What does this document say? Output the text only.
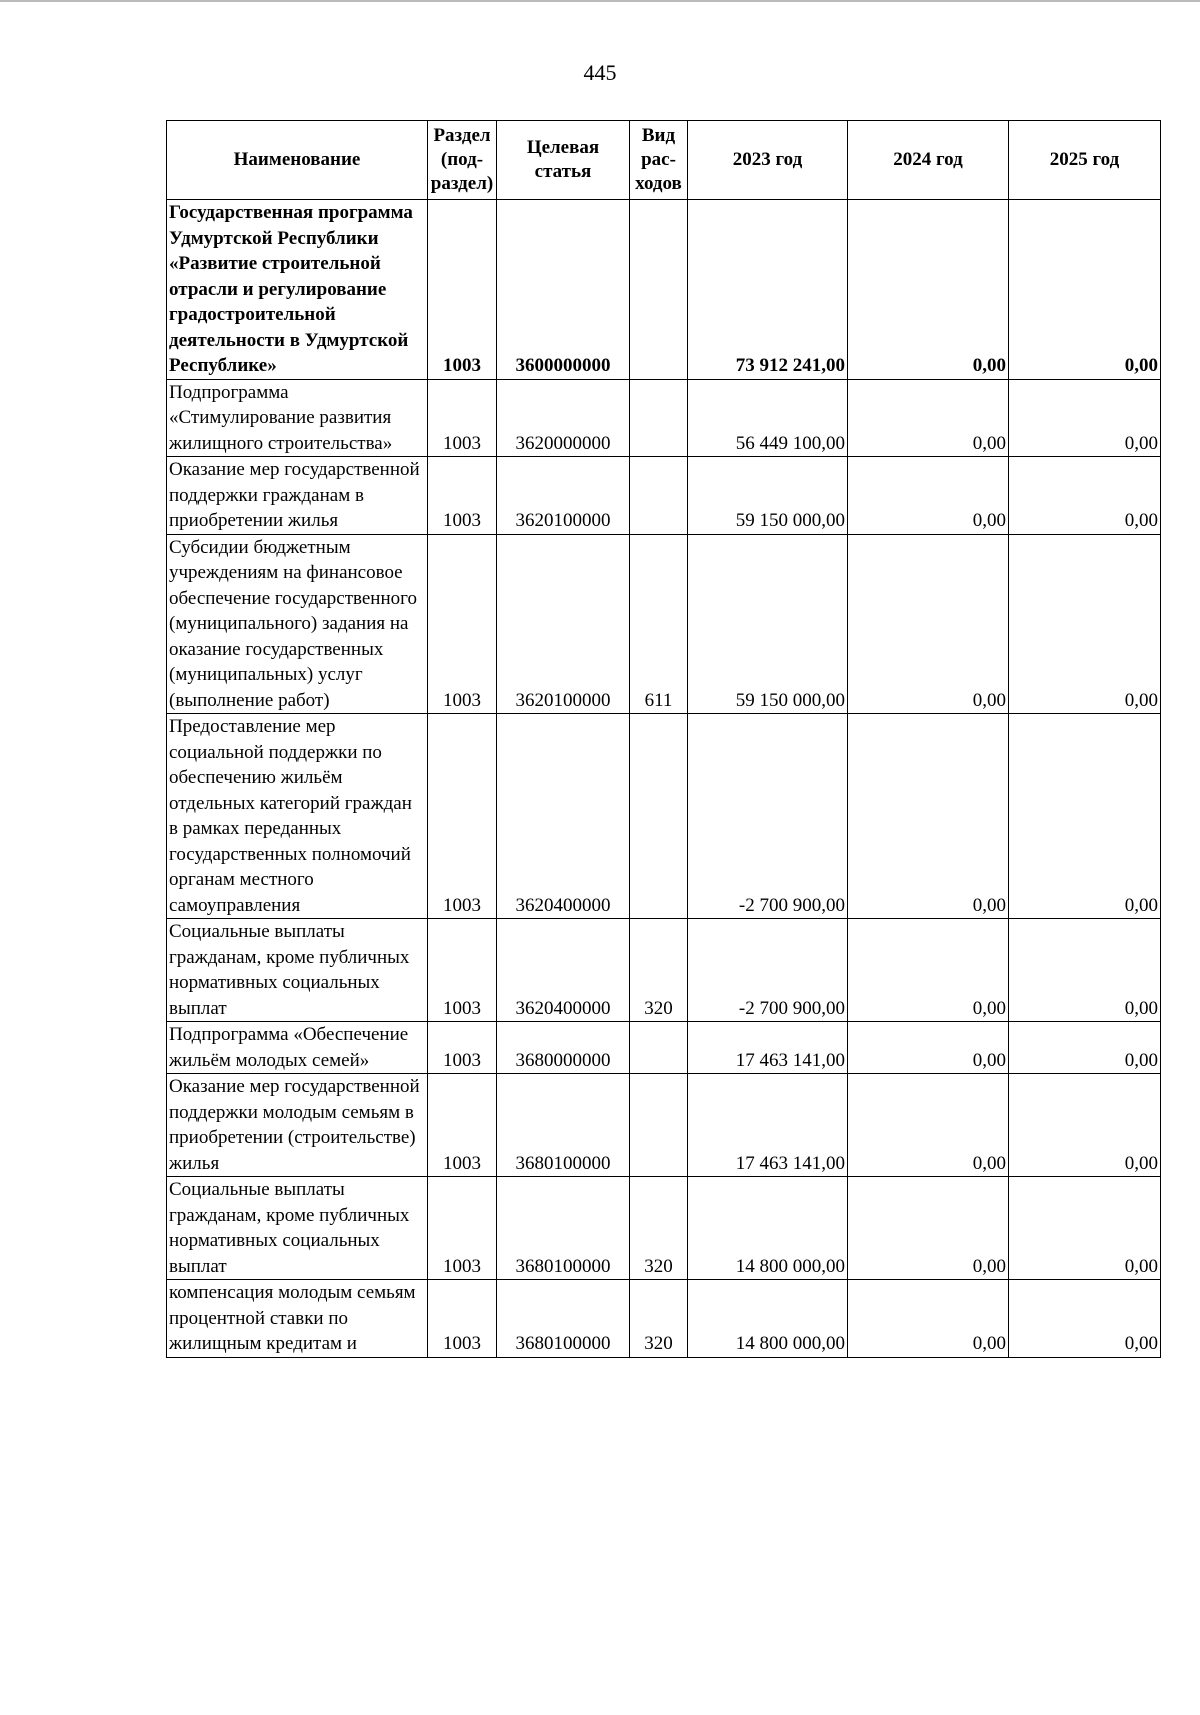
445
Наименование	Раздел (под-раздел)	Целевая статья	Вид рас-ходов	2023 год	2024 год	2025 год
Государственная программа Удмуртской Республики «Развитие строительной отрасли и регулирование градостроительной деятельности в Удмуртской Республике»	1003	3600000000		73 912 241,00	0,00	0,00
Подпрограмма «Стимулирование развития жилищного строительства»	1003	3620000000		56 449 100,00	0,00	0,00
Оказание мер государственной поддержки гражданам в приобретении жилья	1003	3620100000		59 150 000,00	0,00	0,00
Субсидии бюджетным учреждениям на финансовое обеспечение государственного (муниципального) задания на оказание государственных (муниципальных) услуг (выполнение работ)	1003	3620100000	611	59 150 000,00	0,00	0,00
Предоставление мер социальной поддержки по обеспечению жильём отдельных категорий граждан в рамках переданных государственных полномочий органам местного самоуправления	1003	3620400000		-2 700 900,00	0,00	0,00
Социальные выплаты гражданам, кроме публичных нормативных социальных выплат	1003	3620400000	320	-2 700 900,00	0,00	0,00
Подпрограмма «Обеспечение жильём молодых семей»	1003	3680000000		17 463 141,00	0,00	0,00
Оказание мер государственной поддержки молодым семьям в приобретении (строительстве) жилья	1003	3680100000		17 463 141,00	0,00	0,00
Социальные выплаты гражданам, кроме публичных нормативных социальных выплат	1003	3680100000	320	14 800 000,00	0,00	0,00
компенсация молодым семьям процентной ставки по жилищным кредитам и	1003	3680100000	320	14 800 000,00	0,00	0,00
